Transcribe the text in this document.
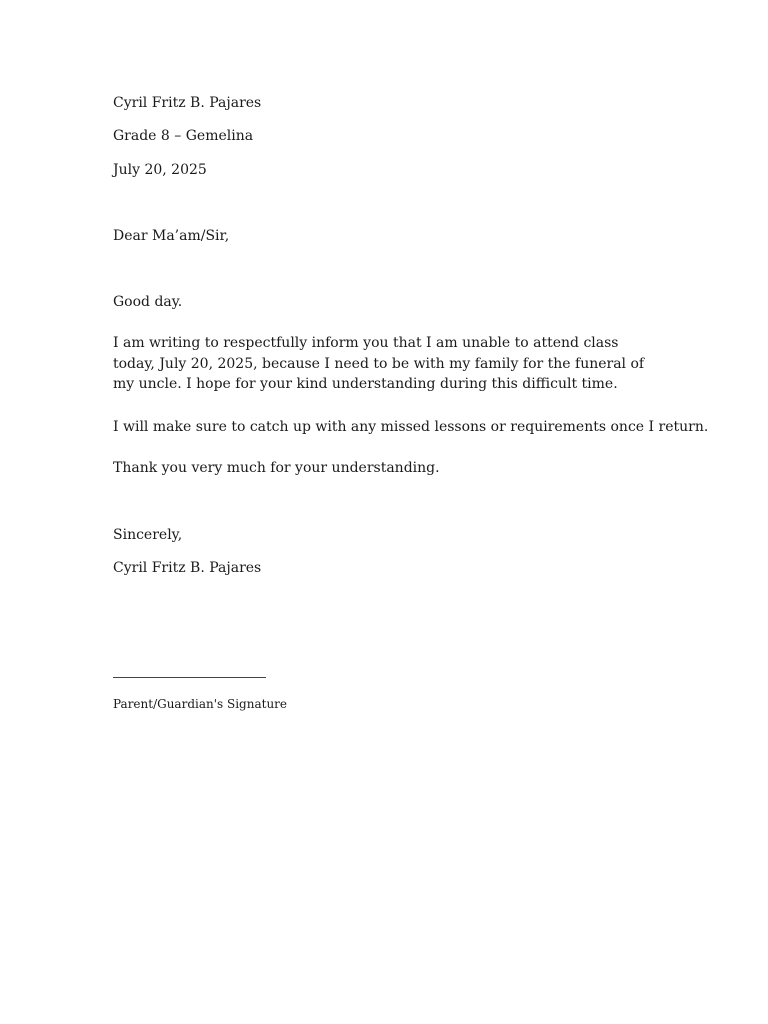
Cyril Fritz B. Pajares

Grade 8 – Gemelina

July 20, 2025

Dear Ma’am/Sir,

Good day.

I am writing to respectfully inform you that I am unable to attend class today, July 20, 2025, because I need to be with my family for the funeral of my uncle. I hope for your kind understanding during this difficult time.

I will make sure to catch up with any missed lessons or requirements once I return.

Thank you very much for your understanding.

Sincerely,

Cyril Fritz B. Pajares

Parent/Guardian's Signature
